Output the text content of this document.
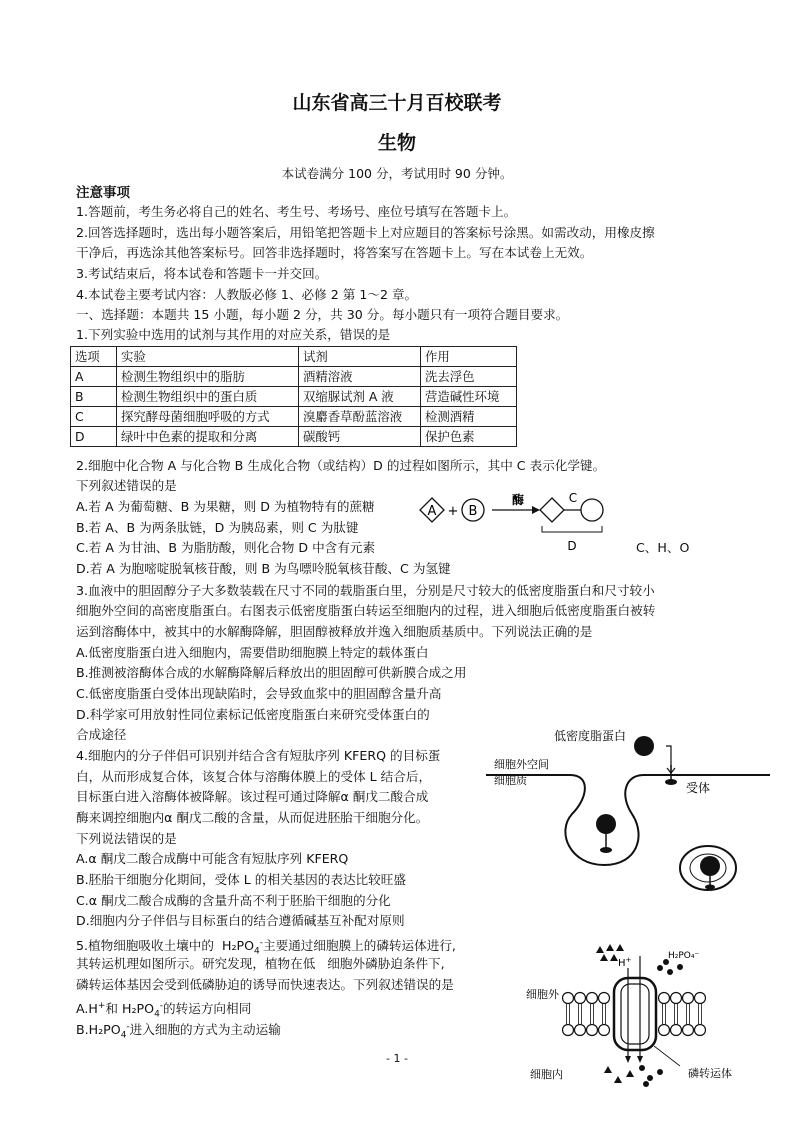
山东省高三十月百校联考
生物
本试卷满分 100 分，考试用时 90 分钟。
注意事项
1.答题前，考生务必将自己的姓名、考生号、考场号、座位号填写在答题卡上。
2.回答选择题时，选出每小题答案后，用铅笔把答题卡上对应题目的答案标号涂黑。如需改动，用橡皮擦
干净后，再选涂其他答案标号。回答非选择题时，将答案写在答题卡上。写在本试卷上无效。
3.考试结束后，将本试卷和答题卡一并交回。
4.本试卷主要考试内容：人教版必修 1、必修 2 第 1～2 章。
一、选择题：本题共 15 小题，每小题 2 分，共 30 分。每小题只有一项符合题目要求。
1.下列实验中选用的试剂与其作用的对应关系，错误的是
选项	实验	试剂	作用
A	检测生物组织中的脂肪	酒精溶液	洗去浮色
B	检测生物组织中的蛋白质	双缩脲试剂 A 液	营造碱性环境
C	探究酵母菌细胞呼吸的方式	溴麝香草酚蓝溶液	检测酒精
D	绿叶中色素的提取和分离	碳酸钙	保护色素
2.细胞中化合物 A 与化合物 B 生成化合物（或结构）D 的过程如图所示，其中 C 表示化学键。
下列叙述错误的是
A.若 A 为葡萄糖、B 为果糖，则 D 为植物特有的蔗糖
B.若 A、B 为两条肽链，D 为胰岛素，则 C 为肽键
C.若 A 为甘油、B 为脂肪酸，则化合物 D 中含有元素	C、H、O
D.若 A 为胞嘧啶脱氧核苷酸，则 B 为鸟嘌呤脱氧核苷酸、C 为氢键
A + B
酶	C
D
3.血液中的胆固醇分子大多数装载在尺寸不同的载脂蛋白里，分别是尺寸较大的低密度脂蛋白和尺寸较小
细胞外空间的高密度脂蛋白。右图表示低密度脂蛋白转运至细胞内的过程，进入细胞后低密度脂蛋白被转
运到溶酶体中，被其中的水解酶降解，胆固醇被释放并逸入细胞质基质中。下列说法正确的是
A.低密度脂蛋白进入细胞内，需要借助细胞膜上特定的载体蛋白
B.推测被溶酶体合成的水解酶降解后释放出的胆固醇可供新膜合成之用
C.低密度脂蛋白受体出现缺陷时，会导致血浆中的胆固醇含量升高
D.科学家可用放射性同位素标记低密度脂蛋白来研究受体蛋白的
合成途径	低密度脂蛋白
细胞外空间
细胞质
受体
4.细胞内的分子伴侣可识别并结合含有短肽序列 KFERQ 的目标蛋
白，从而形成复合体，该复合体与溶酶体膜上的受体 L 结合后，
目标蛋白进入溶酶体被降解。该过程可通过降解α 酮戊二酸合成
酶来调控细胞内α 酮戊二酸的含量，从而促进胚胎干细胞分化。
下列说法错误的是
A.α 酮戊二酸合成酶中可能含有短肽序列 KFERQ
B.胚胎干细胞分化期间，受体 L 的相关基因的表达比较旺盛
C.α 酮戊二酸合成酶的含量升高不利于胚胎干细胞的分化
D.细胞内分子伴侣与目标蛋白的结合遵循碱基互补配对原则
5.植物细胞吸收土壤中的 $H_2PO_4^-$主要通过细胞膜上的磷转运体进行,
其转运机理如图所示。研究发现，植物在低 细胞外磷胁迫条件下,
磷转运体基因会受到低磷胁迫的诱导而快速表达。下列叙述错误的是
A.H+和 $H_2PO_4^-$的转运方向相同
$B.H_2PO_4^-$进入细胞的方式为主动运输
细胞外
细胞内
H+	H₂PO₄⁻
磷转运体
- 1 -
